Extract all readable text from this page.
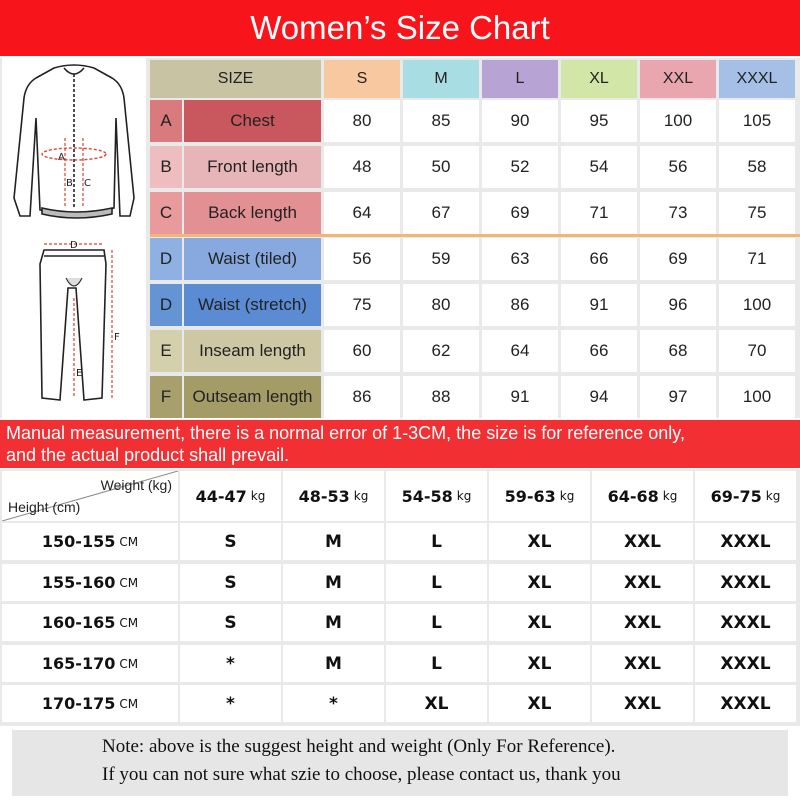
Women’s Size Chart
A
B C
D
E
F
SIZE	S	M	L	XL	XXL	XXXL
A	Chest	80	85	90	95	100	105
B	Front length	48	50	52	54	56	58
C	Back length	64	67	69	71	73	75
D	Waist (tiled)	56	59	63	66	69	71
D	Waist (stretch)	75	80	86	91	96	100
E	Inseam length	60	62	64	66	68	70
F	Outseam length	86	88	91	94	97	100
Manual measurement, there is a normal error of 1-3CM, the size is for reference only,
and the actual product shall prevail.
Weight (kg)
Height (cm)
44-47 kg 48-53 kg 54-58 kg 59-63 kg 64-68 kg 69-75 kg
150-155 CM	S	M	L	XL	XXL	XXXL
155-160 CM	S	M	L	XL	XXL	XXXL
160-165 CM	S	M	L	XL	XXL	XXXL
165-170 CM	*	M	L	XL	XXL	XXXL
170-175 CM	*	*	XL	XL	XXL	XXXL
Note: above is the suggest height and weight (Only For Reference).
If you can not sure what szie to choose, please contact us, thank you
